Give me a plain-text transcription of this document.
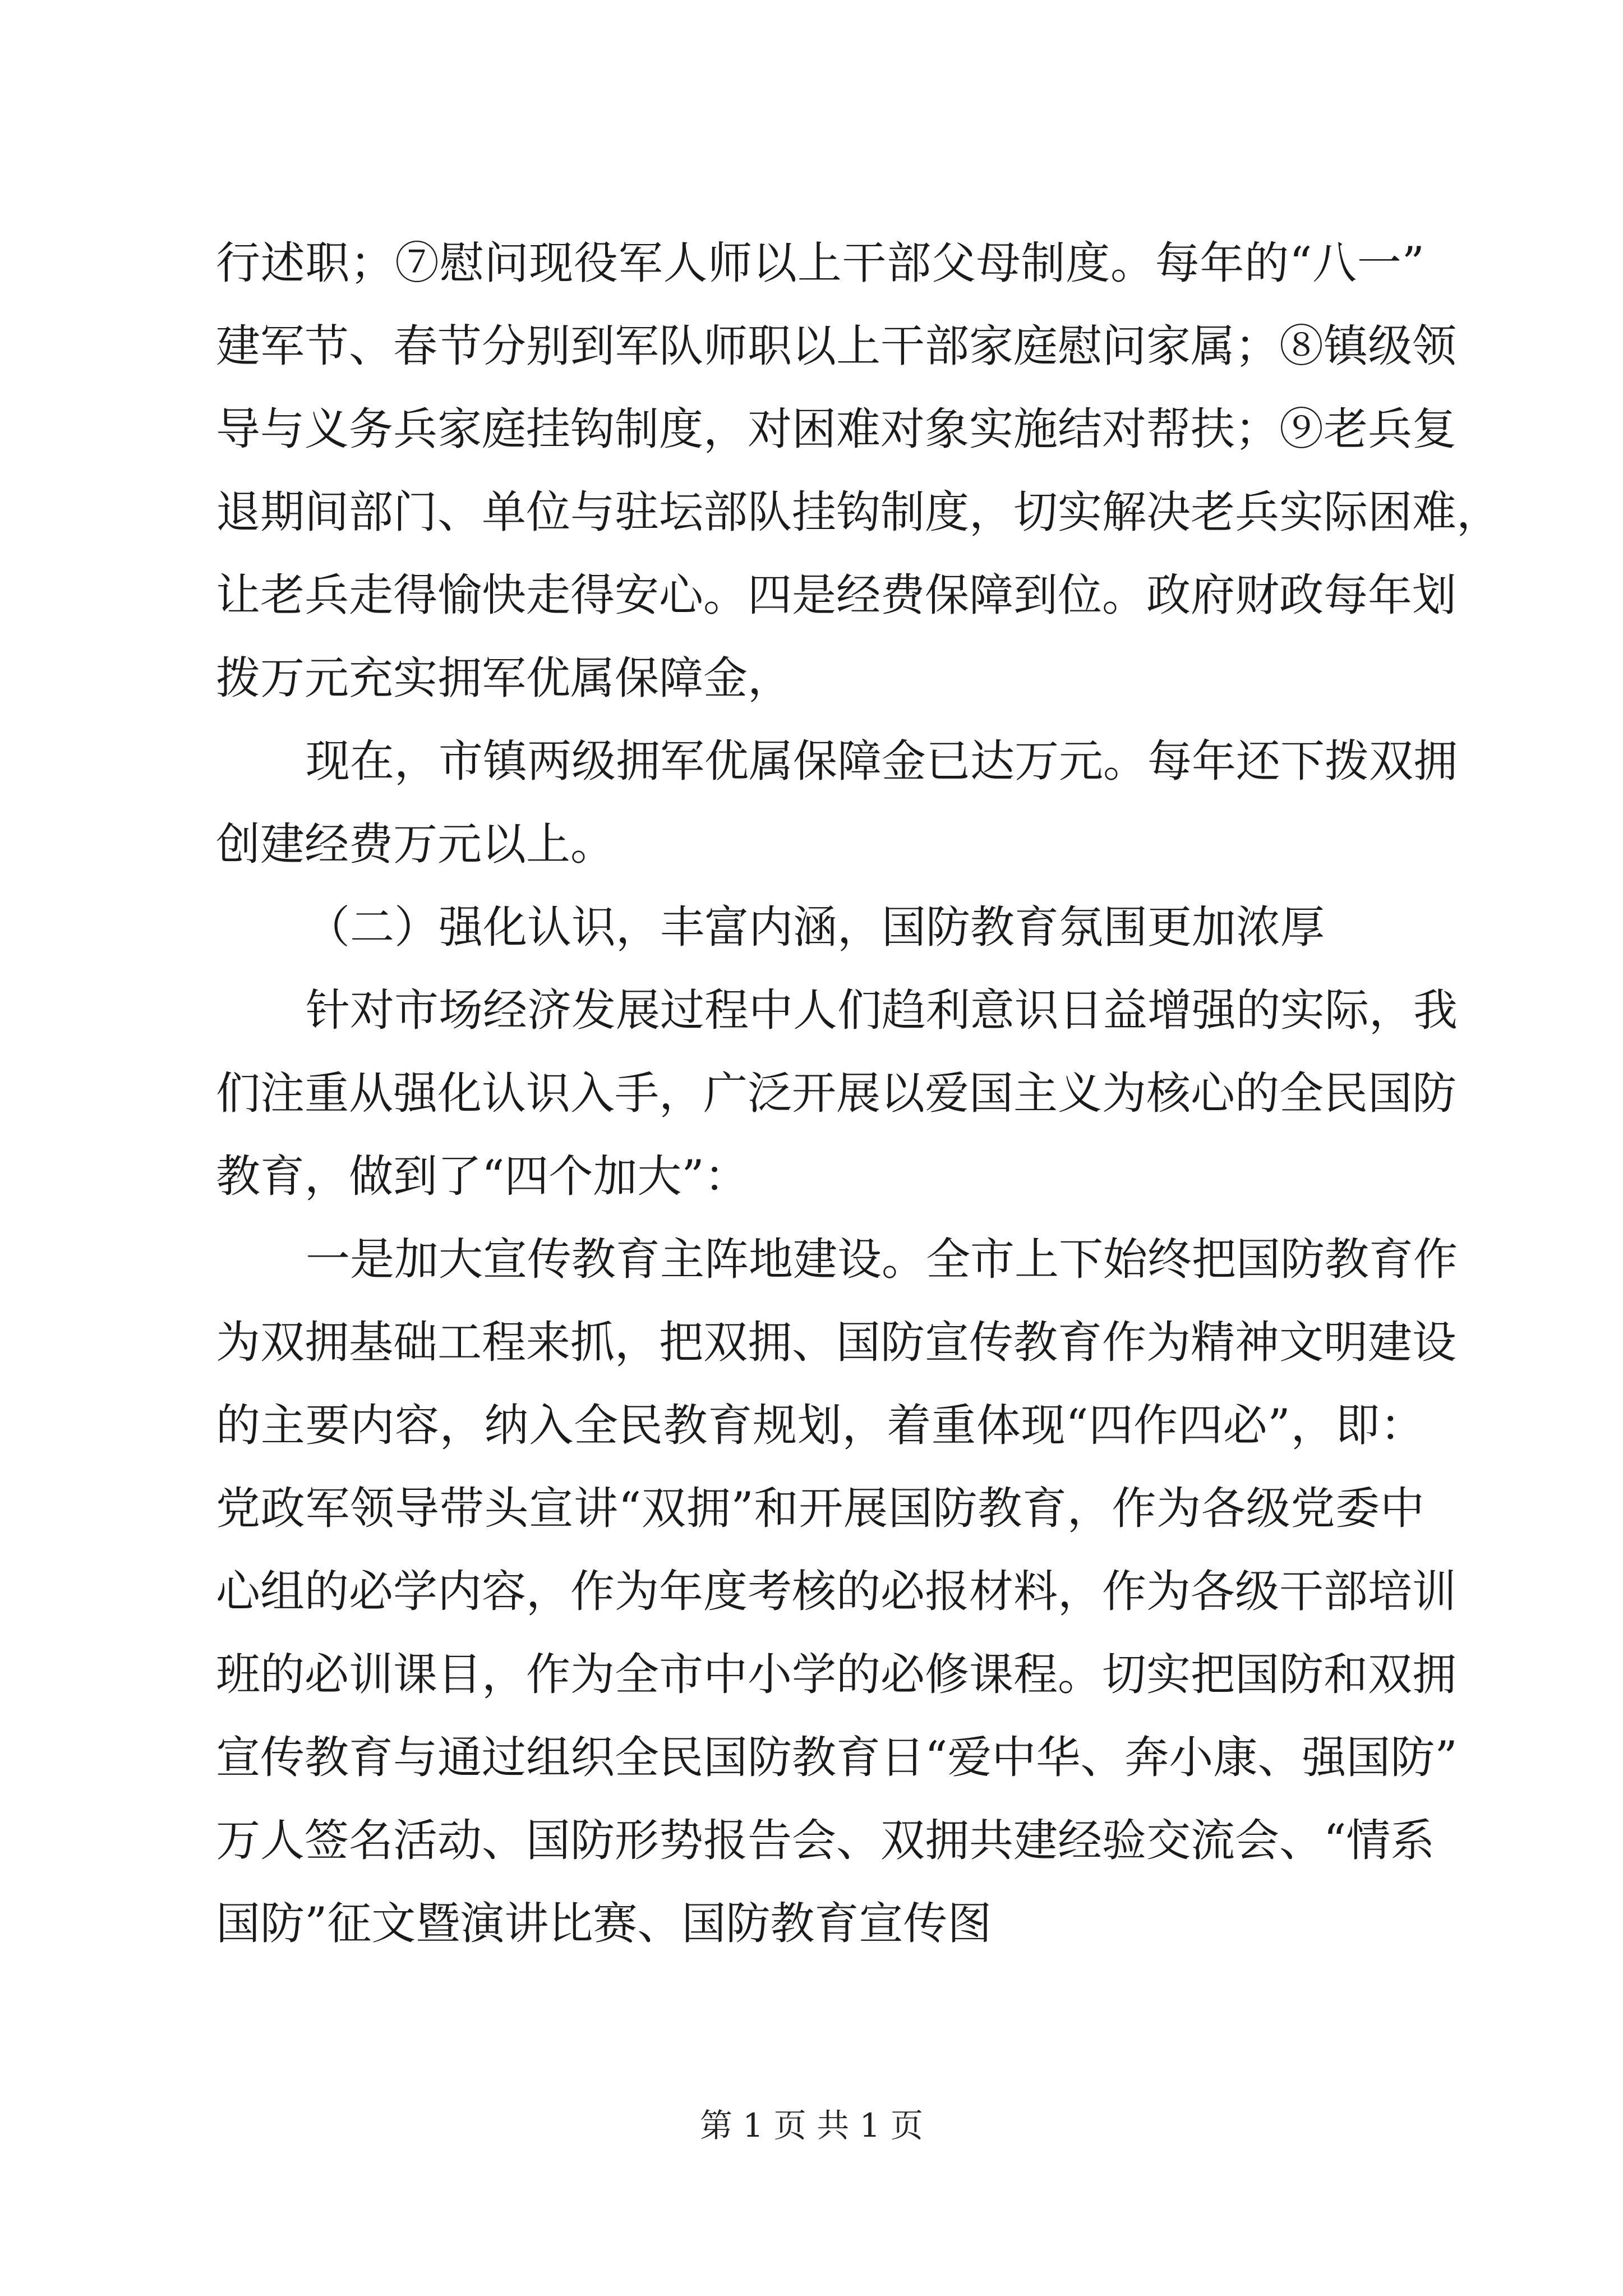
行述职；⑦慰问现役军人师以上干部父母制度。每年的“八一”
建军节、春节分别到军队师职以上干部家庭慰问家属；⑧镇级领
导与义务兵家庭挂钩制度，对困难对象实施结对帮扶；⑨老兵复
退期间部门、单位与驻坛部队挂钩制度，切实解决老兵实际困难，
让老兵走得愉快走得安心。四是经费保障到位。政府财政每年划
拨万元充实拥军优属保障金，
现在，市镇两级拥军优属保障金已达万元。每年还下拨双拥
创建经费万元以上。
（二）强化认识，丰富内涵，国防教育氛围更加浓厚
针对市场经济发展过程中人们趋利意识日益增强的实际，我
们注重从强化认识入手，广泛开展以爱国主义为核心的全民国防
教育，做到了“四个加大”：
一是加大宣传教育主阵地建设。全市上下始终把国防教育作
为双拥基础工程来抓，把双拥、国防宣传教育作为精神文明建设
的主要内容，纳入全民教育规划，着重体现“四作四必”，即：
党政军领导带头宣讲“双拥”和开展国防教育，作为各级党委中
心组的必学内容，作为年度考核的必报材料，作为各级干部培训
班的必训课目，作为全市中小学的必修课程。切实把国防和双拥
宣传教育与通过组织全民国防教育日“爱中华、奔小康、强国防”
万人签名活动、国防形势报告会、双拥共建经验交流会、“情系
国防”征文暨演讲比赛、国防教育宣传图
第 1 页 共 1 页
